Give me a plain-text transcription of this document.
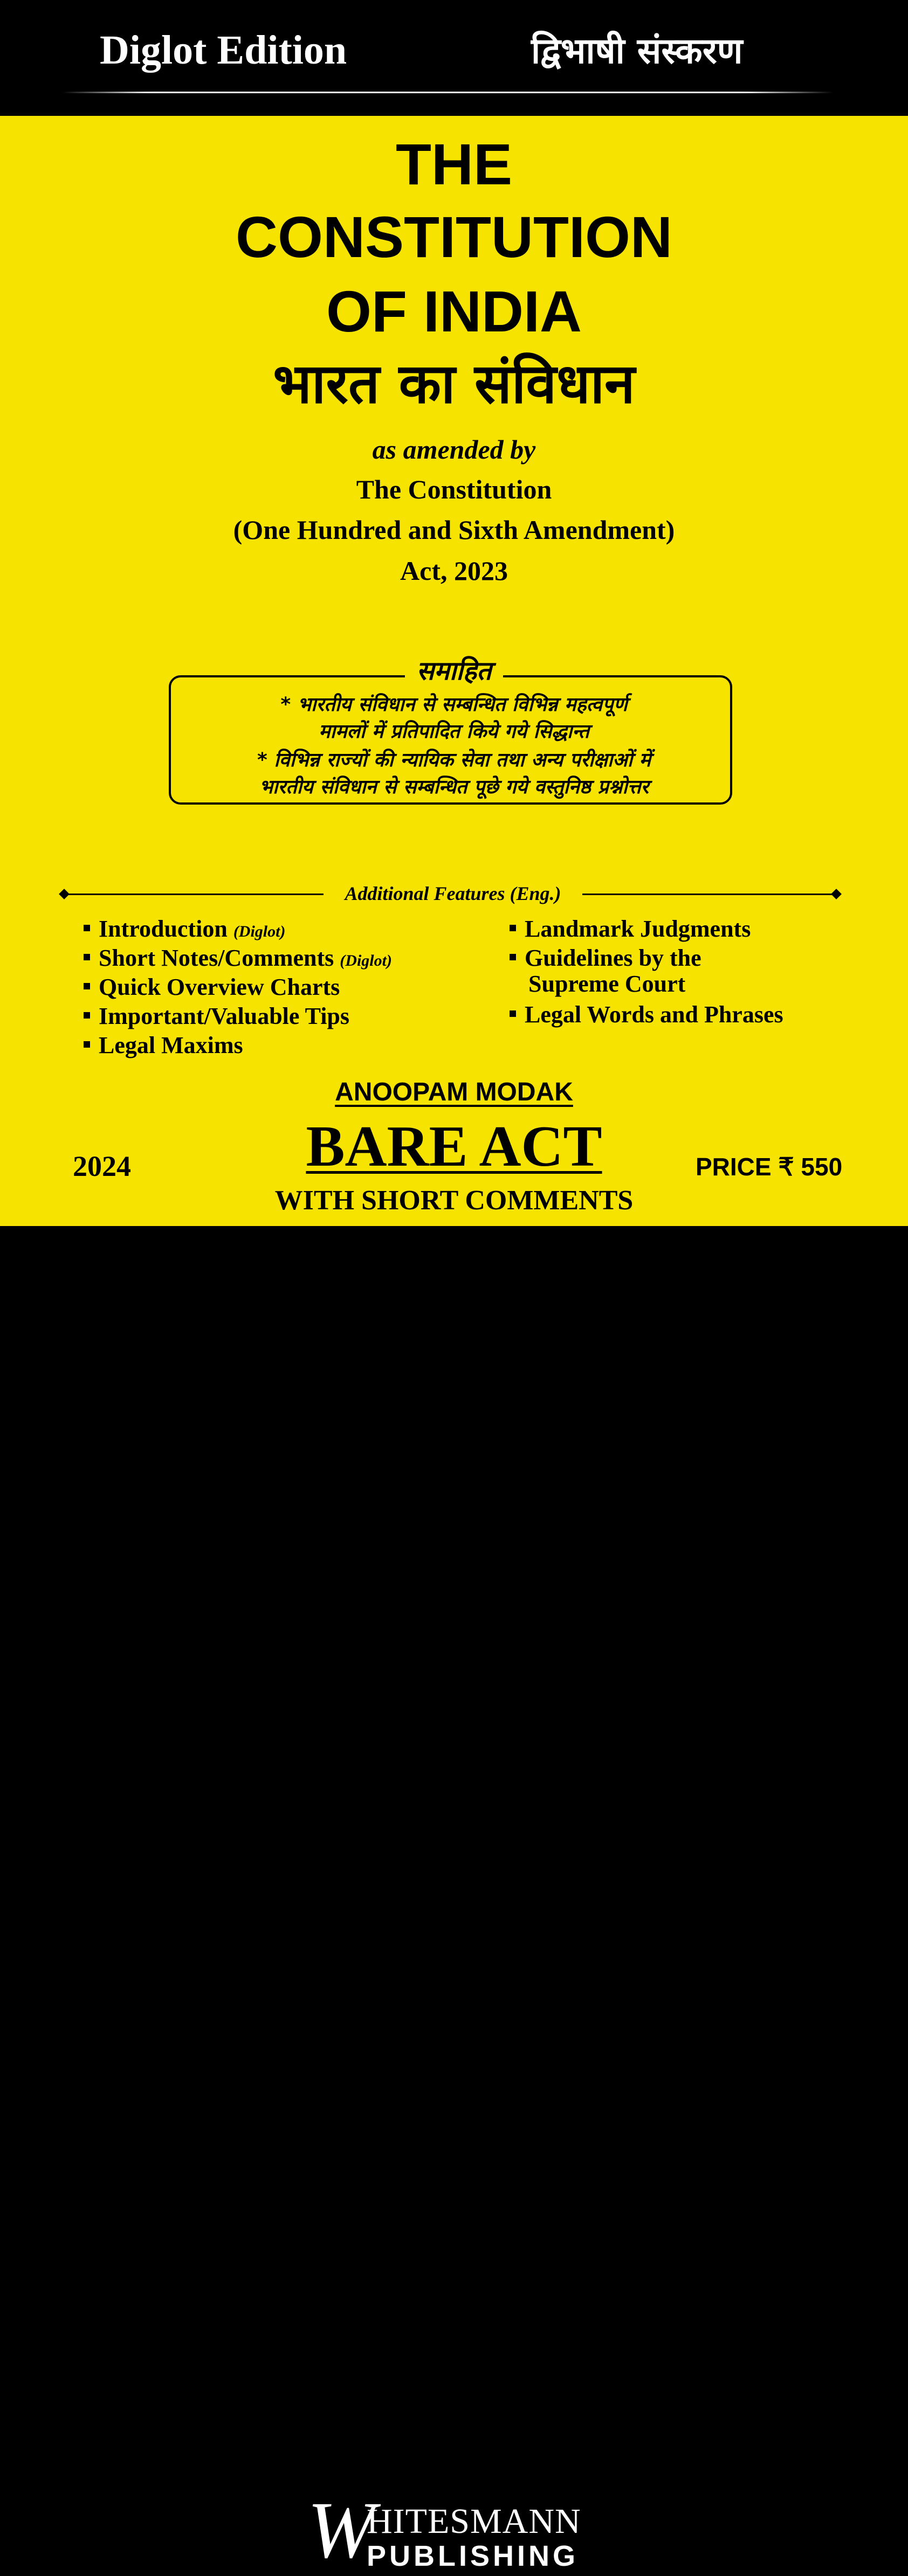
Diglot Edition	द्विभाषी संस्करण
THE
CONSTITUTION
OF INDIA
भारत का संविधान
as amended by
The Constitution
(One Hundred and Sixth Amendment)
Act, 2023
समाहित
* भारतीय संविधान से सम्बन्धित विभिन्न महत्वपूर्ण
मामलों में प्रतिपादित किये गये सिद्धान्त
* विभिन्न राज्यों की न्यायिक सेवा तथा अन्य परीक्षाओं में
भारतीय संविधान से सम्बन्धित पूछे गये वस्तुनिष्ठ प्रश्नोत्तर
Additional Features (Eng.)
Introduction (Diglot)
Short Notes/Comments (Diglot)
Quick Overview Charts
Important/Valuable Tips
Legal Maxims
Landmark Judgments
Guidelines by the
Supreme Court
Legal Words and Phrases
ANOOPAM MODAK
BARE ACT
WITH SHORT COMMENTS
2024	PRICE ₹ 550
W
HITESMANN
PUBLISHING
